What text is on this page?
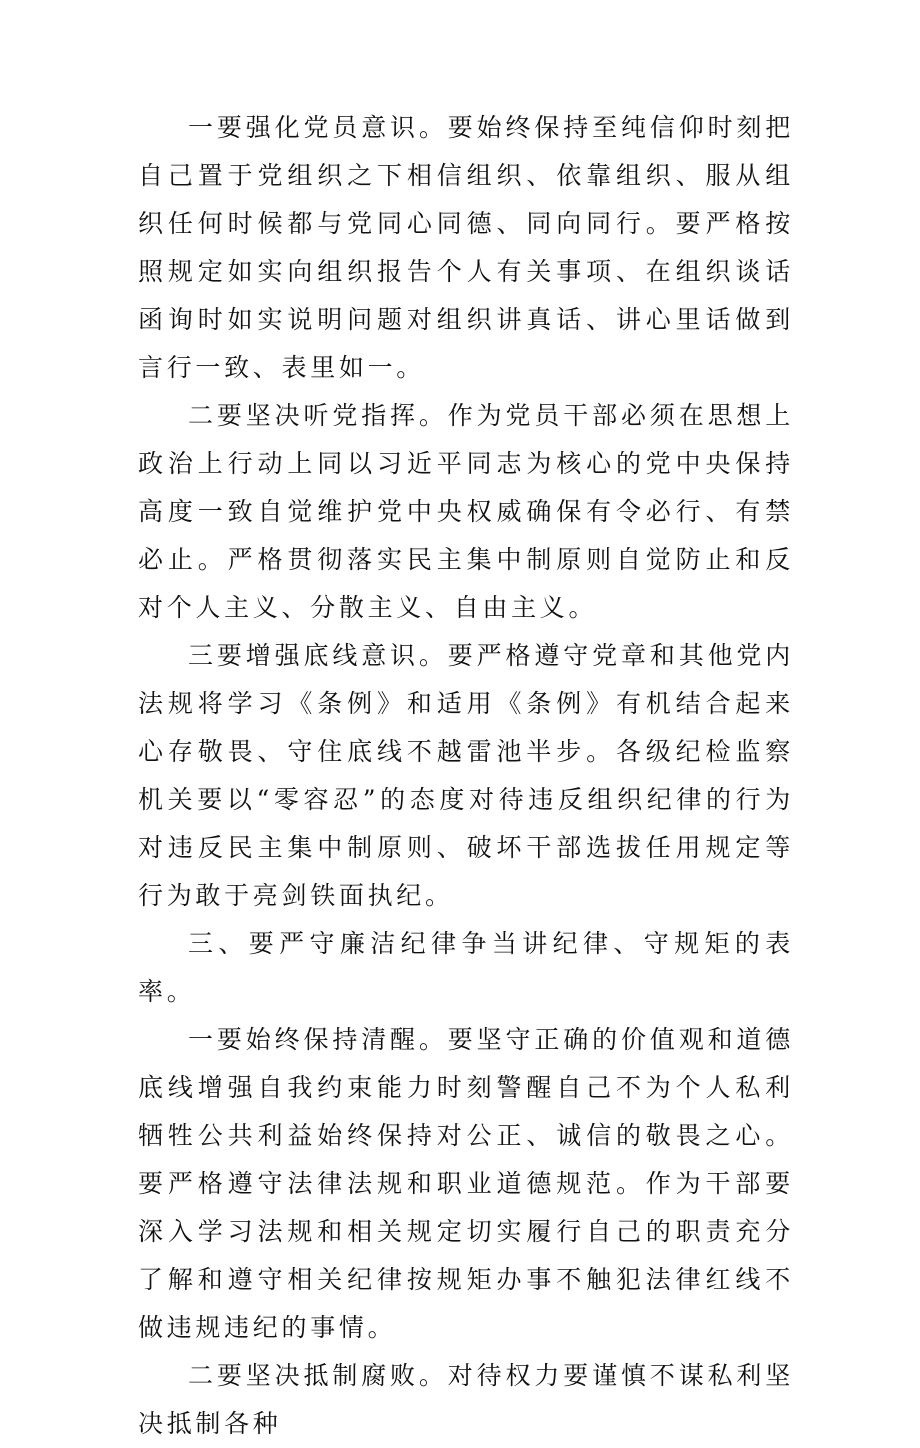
一要强化党员意识。要始终保持至纯信仰时刻把自己置于党组织之下相信组织、依靠组织、服从组织任何时候都与党同心同德、同向同行。要严格按照规定如实向组织报告个人有关事项、在组织谈话函询时如实说明问题对组织讲真话、讲心里话做到言行一致、表里如一。

二要坚决听党指挥。作为党员干部必须在思想上政治上行动上同以习近平同志为核心的党中央保持高度一致自觉维护党中央权威确保有令必行、有禁必止。严格贯彻落实民主集中制原则自觉防止和反对个人主义、分散主义、自由主义。

三要增强底线意识。要严格遵守党章和其他党内法规将学习《条例》和适用《条例》有机结合起来心存敬畏、守住底线不越雷池半步。各级纪检监察机关要以“零容忍”的态度对待违反组织纪律的行为对违反民主集中制原则、破坏干部选拔任用规定等行为敢于亮剑铁面执纪。

三、要严守廉洁纪律争当讲纪律、守规矩的表率。

一要始终保持清醒。要坚守正确的价值观和道德底线增强自我约束能力时刻警醒自己不为个人私利牺牲公共利益始终保持对公正、诚信的敬畏之心。要严格遵守法律法规和职业道德规范。作为干部要深入学习法规和相关规定切实履行自己的职责充分了解和遵守相关纪律按规矩办事不触犯法律红线不做违规违纪的事情。

二要坚决抵制腐败。对待权力要谨慎不谋私利坚决抵制各种
